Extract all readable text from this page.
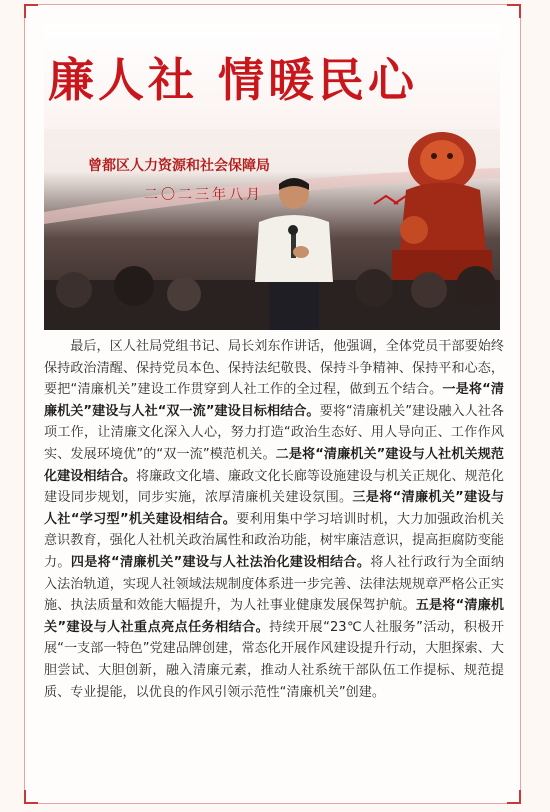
廉人社 情暖民心
曾都区人力资源和社会保障局
二〇二三年八月

最后，区人社局党组书记、局长刘东作讲话，他强调，全体党员干部要始终保持政治清醒、保持党员本色、保持法纪敬畏、保持斗争精神、保持平和心态，要把“清廉机关”建设工作贯穿到人社工作的全过程，做到五个结合。一是将“清廉机关”建设与人社“双一流”建设目标相结合。要将“清廉机关”建设融入人社各项工作，让清廉文化深入人心，努力打造“政治生态好、用人导向正、工作作风实、发展环境优”的“双一流”模范机关。二是将“清廉机关”建设与人社机关规范化建设相结合。将廉政文化墙、廉政文化长廊等设施建设与机关正规化、规范化建设同步规划，同步实施，浓厚清廉机关建设氛围。三是将“清廉机关”建设与人社“学习型”机关建设相结合。要利用集中学习培训时机，大力加强政治机关意识教育，强化人社机关政治属性和政治功能，树牢廉洁意识，提高拒腐防变能力。四是将“清廉机关”建设与人社法治化建设相结合。将人社行政行为全面纳入法治轨道，实现人社领域法规制度体系进一步完善、法律法规规章严格公正实施、执法质量和效能大幅提升，为人社事业健康发展保驾护航。五是将“清廉机关”建设与人社重点亮点任务相结合。持续开展“23℃人社服务”活动，积极开展“一支部一特色”党建品牌创建，常态化开展作风建设提升行动，大胆探索、大胆尝试、大胆创新，融入清廉元素，推动人社系统干部队伍工作提标、规范提质、专业提能，以优良的作风引领示范性“清廉机关”创建。
